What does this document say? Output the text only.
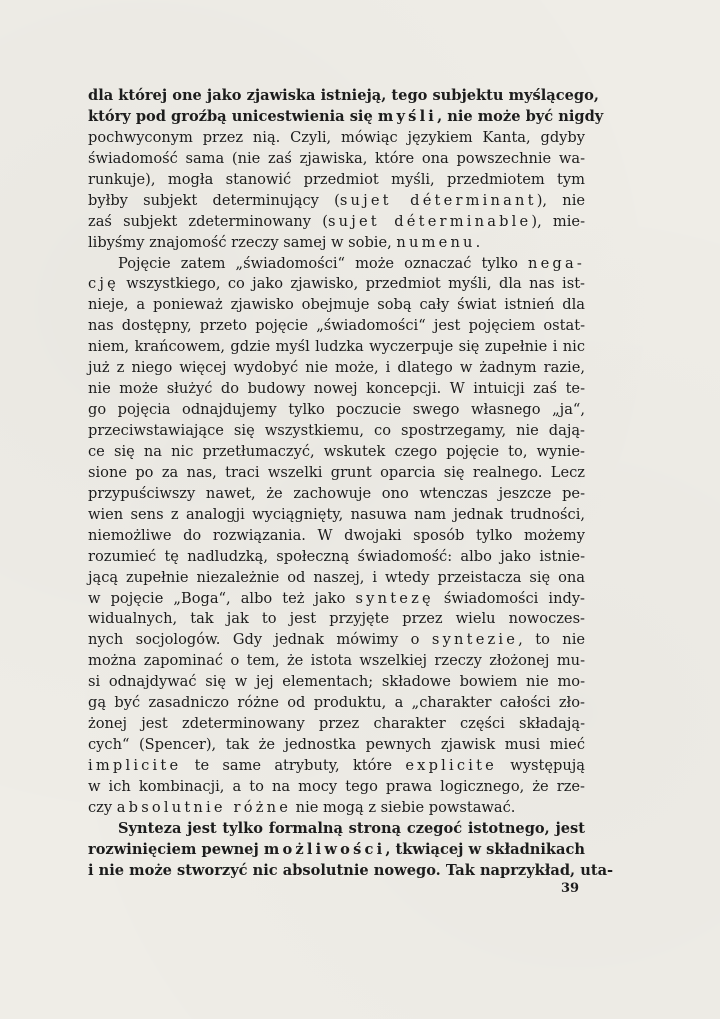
dla której one jako zjawiska istnieją, tego subjektu myślącego,
który pod groźbą unicestwienia się myśli, nie może być nigdy
pochwyconym przez nią. Czyli, mówiąc językiem Kanta, gdyby
świadomość sama (nie zaś zjawiska, które ona powszechnie wa-
runkuje), mogła stanowić przedmiot myśli, przedmiotem tym
byłby subjekt determinujący (sujet déterminant), nie
zaś subjekt zdeterminowany (sujet déterminable), mie-
libyśmy znajomość rzeczy samej w sobie, numenu.
Pojęcie zatem „świadomości“ może oznaczać tylko nega-
cję wszystkiego, co jako zjawisko, przedmiot myśli, dla nas ist-
nieje, a ponieważ zjawisko obejmuje sobą cały świat istnień dla
nas dostępny, przeto pojęcie „świadomości“ jest pojęciem ostat-
niem, krańcowem, gdzie myśl ludzka wyczerpuje się zupełnie i nic
już z niego więcej wydobyć nie może, i dlatego w żadnym razie,
nie może służyć do budowy nowej koncepcji. W intuicji zaś te-
go pojęcia odnajdujemy tylko poczucie swego własnego „ja“,
przeciwstawiające się wszystkiemu, co spostrzegamy, nie dają-
ce się na nic przetłumaczyć, wskutek czego pojęcie to, wynie-
sione po za nas, traci wszelki grunt oparcia się realnego. Lecz
przypuściwszy nawet, że zachowuje ono wtenczas jeszcze pe-
wien sens z analogji wyciągnięty, nasuwa nam jednak trudności,
niemożliwe do rozwiązania. W dwojaki sposób tylko możemy
rozumieć tę nadludzką, społeczną świadomość: albo jako istnie-
jącą zupełnie niezależnie od naszej, i wtedy przeistacza się ona
w pojęcie „Boga“, albo też jako syntezę świadomości indy-
widualnych, tak jak to jest przyjęte przez wielu nowoczes-
nych socjologów. Gdy jednak mówimy o syntezie, to nie
można zapominać o tem, że istota wszelkiej rzeczy złożonej mu-
si odnajdywać się w jej elementach; składowe bowiem nie mo-
gą być zasadniczo różne od produktu, a „charakter całości zło-
żonej jest zdeterminowany przez charakter części składają-
cych“ (Spencer), tak że jednostka pewnych zjawisk musi mieć
implicite te same atrybuty, które explicite występują
w ich kombinacji, a to na mocy tego prawa logicznego, że rze-
czy absolutnie różne nie mogą z siebie powstawać.
Synteza jest tylko formalną stroną czegoć istotnego, jest
rozwinięciem pewnej możliwości, tkwiącej w składnikach
i nie może stworzyć nic absolutnie nowego. Tak naprzykład, uta-
39
